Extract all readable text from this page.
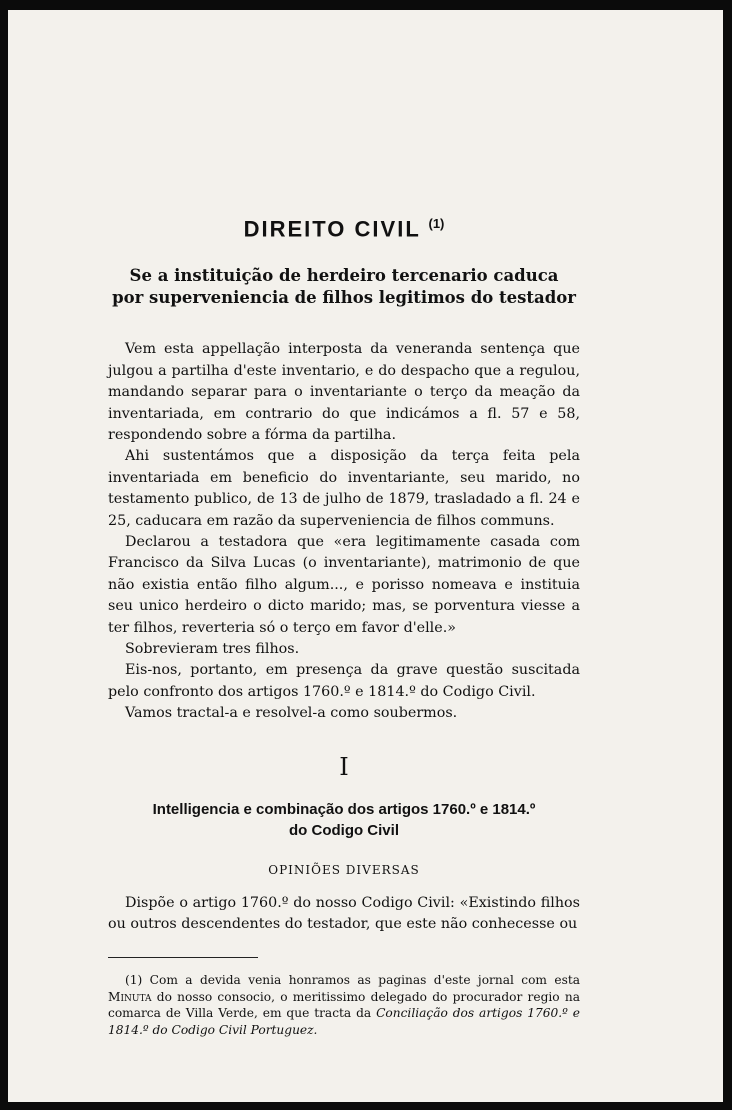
DIREITO CIVIL $^{(1)}$
Se a instituição de herdeiro tercenario caduca
por superveniencia de filhos legitimos do testador

Vem esta appellação interposta da veneranda sentença que julgou a partilha d'este inventario, e do despacho que a regulou, mandando separar para o inventariante o terço da meação da inventariada, em contrario do que indicámos a fl. 57 e 58, respondendo sobre a fórma da partilha.

Ahi sustentámos que a disposição da terça feita pela inventariada em beneficio do inventariante, seu marido, no testamento publico, de 13 de julho de 1879, trasladado a fl. 24 e 25, caducara em razão da superveniencia de filhos communs.

Declarou a testadora que «era legitimamente casada com Francisco da Silva Lucas (o inventariante), matrimonio de que não existia então filho algum..., e porisso nomeava e instituia seu unico herdeiro o dicto marido; mas, se porventura viesse a ter filhos, reverteria só o terço em favor d'elle.»

Sobrevieram tres filhos.

Eis-nos, portanto, em presença da grave questão suscitada pelo confronto dos artigos 1760.º e 1814.º do Codigo Civil.

Vamos tractal-a e resolvel-a como soubermos.

I
Intelligencia e combinação dos artigos 1760.º e 1814.º
do Codigo Civil
OPINIÕES DIVERSAS

Dispõe o artigo 1760.º do nosso Codigo Civil: «Existindo filhos ou outros descendentes do testador, que este não conhecesse ou

(1) Com a devida venia honramos as paginas d'este jornal com esta Minuta do nosso consocio, o meritissimo delegado do procurador regio na comarca de Villa Verde, em que tracta da Conciliação dos artigos 1760.º e 1814.º do Codigo Civil Portuguez.
